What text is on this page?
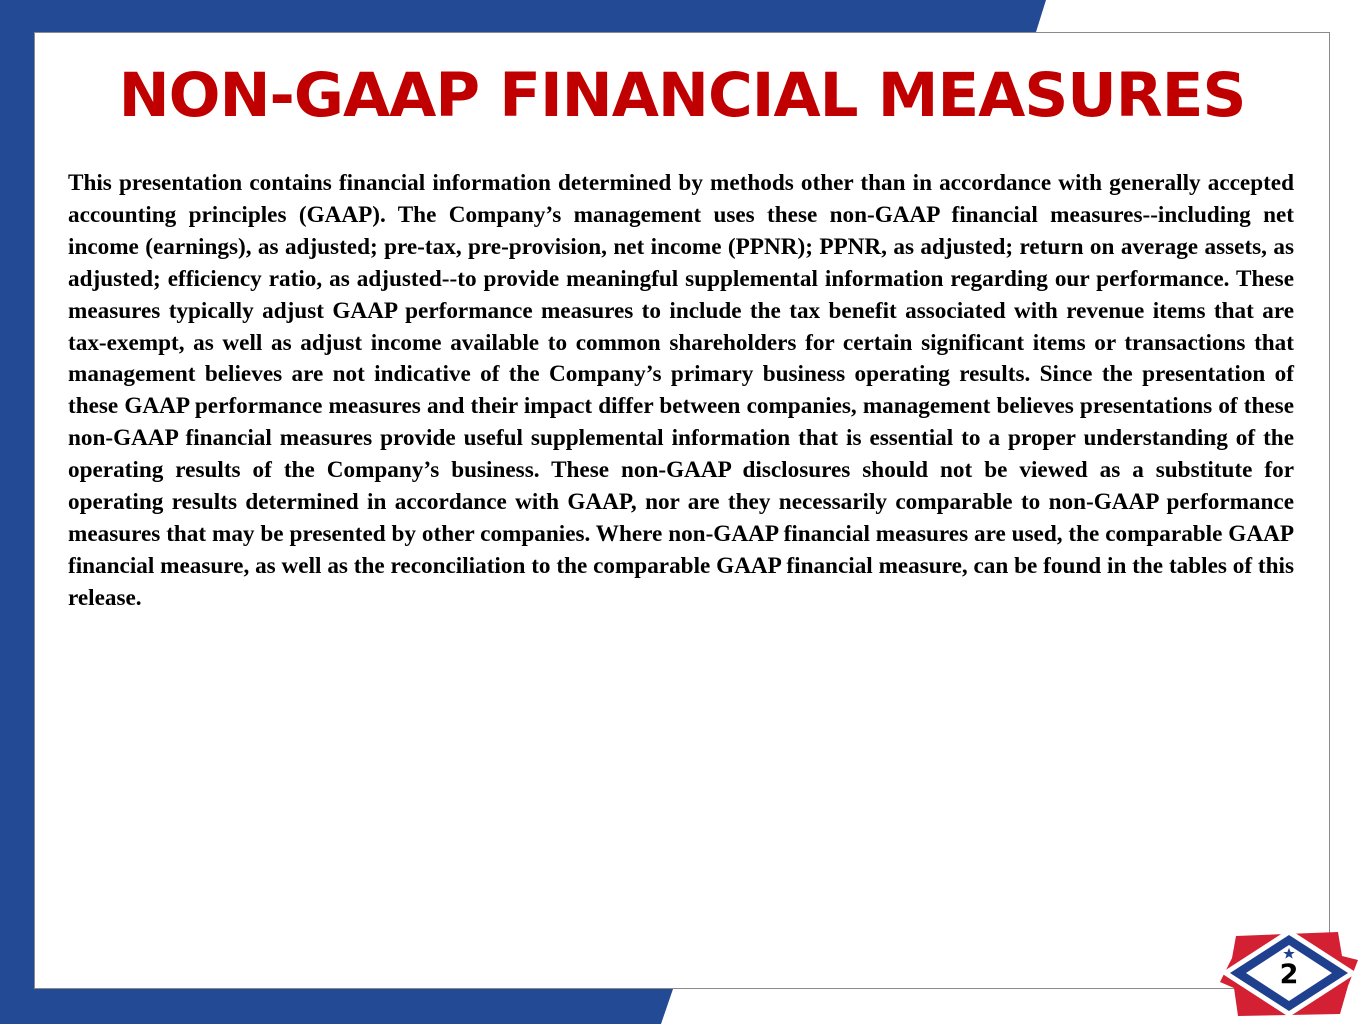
NON-GAAP FINANCIAL MEASURES

This presentation contains financial information determined by methods other than in accordance with generally accepted accounting principles (GAAP). The Company’s management uses these non-GAAP financial measures--including net income (earnings), as adjusted; pre-tax, pre-provision, net income (PPNR); PPNR, as adjusted; return on average assets, as adjusted; efficiency ratio, as adjusted--to provide meaningful supplemental information regarding our performance. These measures typically adjust GAAP performance measures to include the tax benefit associated with revenue items that are tax-exempt, as well as adjust income available to common shareholders for certain significant items or transactions that management believes are not indicative of the Company’s primary business operating results. Since the presentation of these GAAP performance measures and their impact differ between companies, management believes presentations of these non-GAAP financial measures provide useful supplemental information that is essential to a proper understanding of the operating results of the Company’s business. These non-GAAP disclosures should not be viewed as a substitute for operating results determined in accordance with GAAP, nor are they necessarily comparable to non-GAAP performance measures that may be presented by other companies. Where non-GAAP financial measures are used, the comparable GAAP financial measure, as well as the reconciliation to the comparable GAAP financial measure, can be found in the tables of this release.

2
